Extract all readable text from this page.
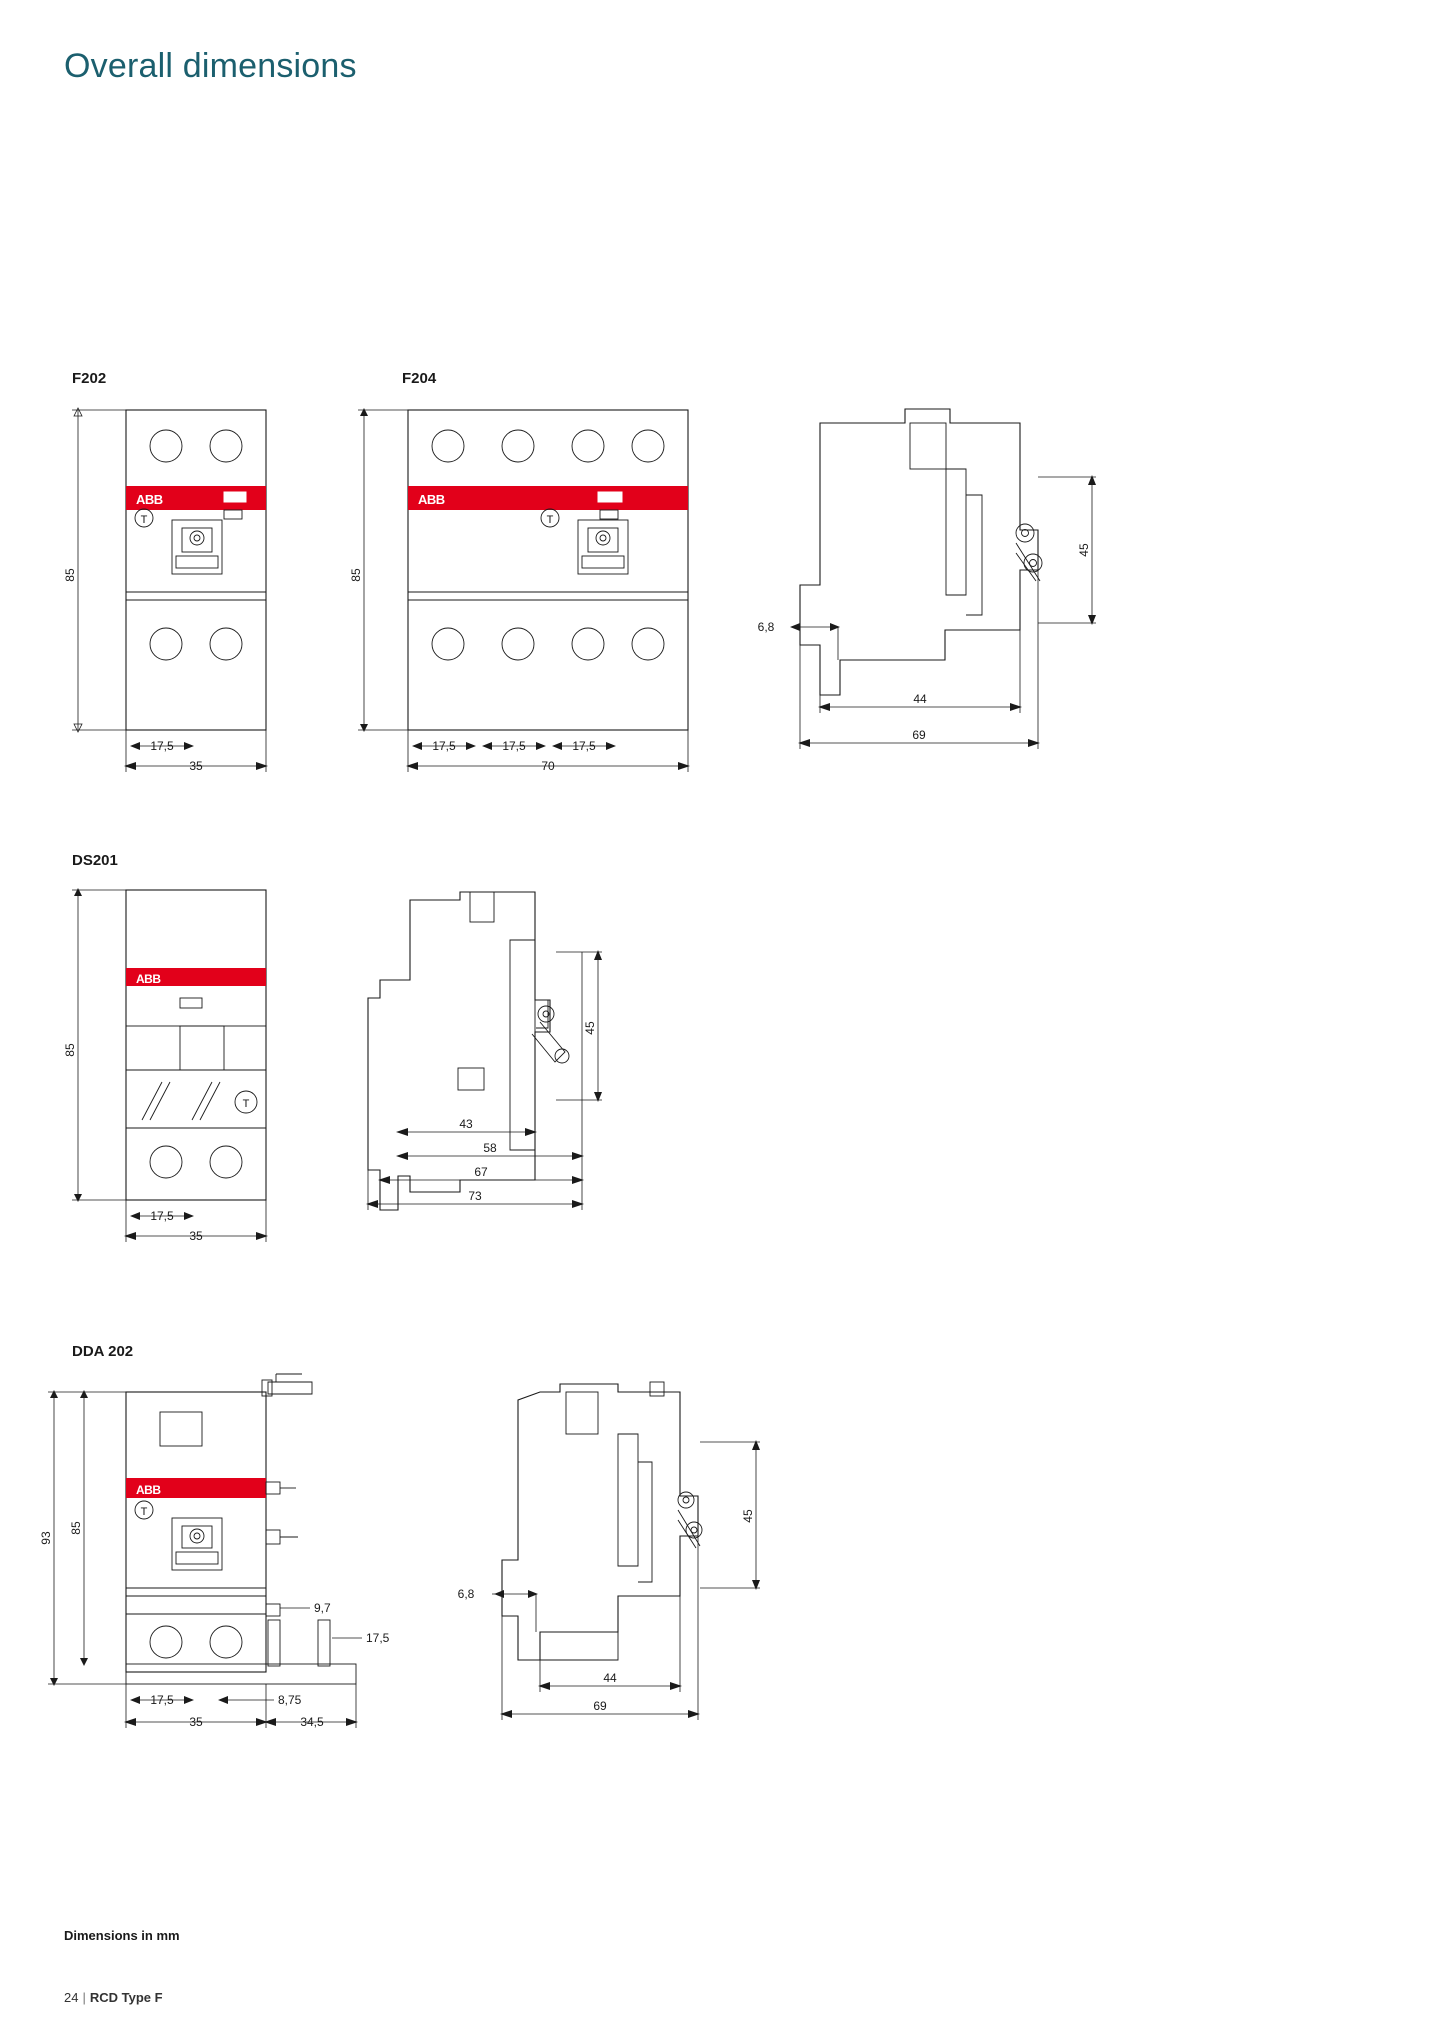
Overall dimensions
F202
ABB
T
85
17,5
35
F204
ABB
T
85
17,5	17,5	17,5
70
6,8
45
44
69
DS201
ABB
T
85
17,5
35
45
43
58
67
73
DDA 202
ABB
T
93
85
9,7
17,5
17,5	8,75
35	34,5
45
6,8
44
69
Dimensions in mm
24 | RCD Type F
